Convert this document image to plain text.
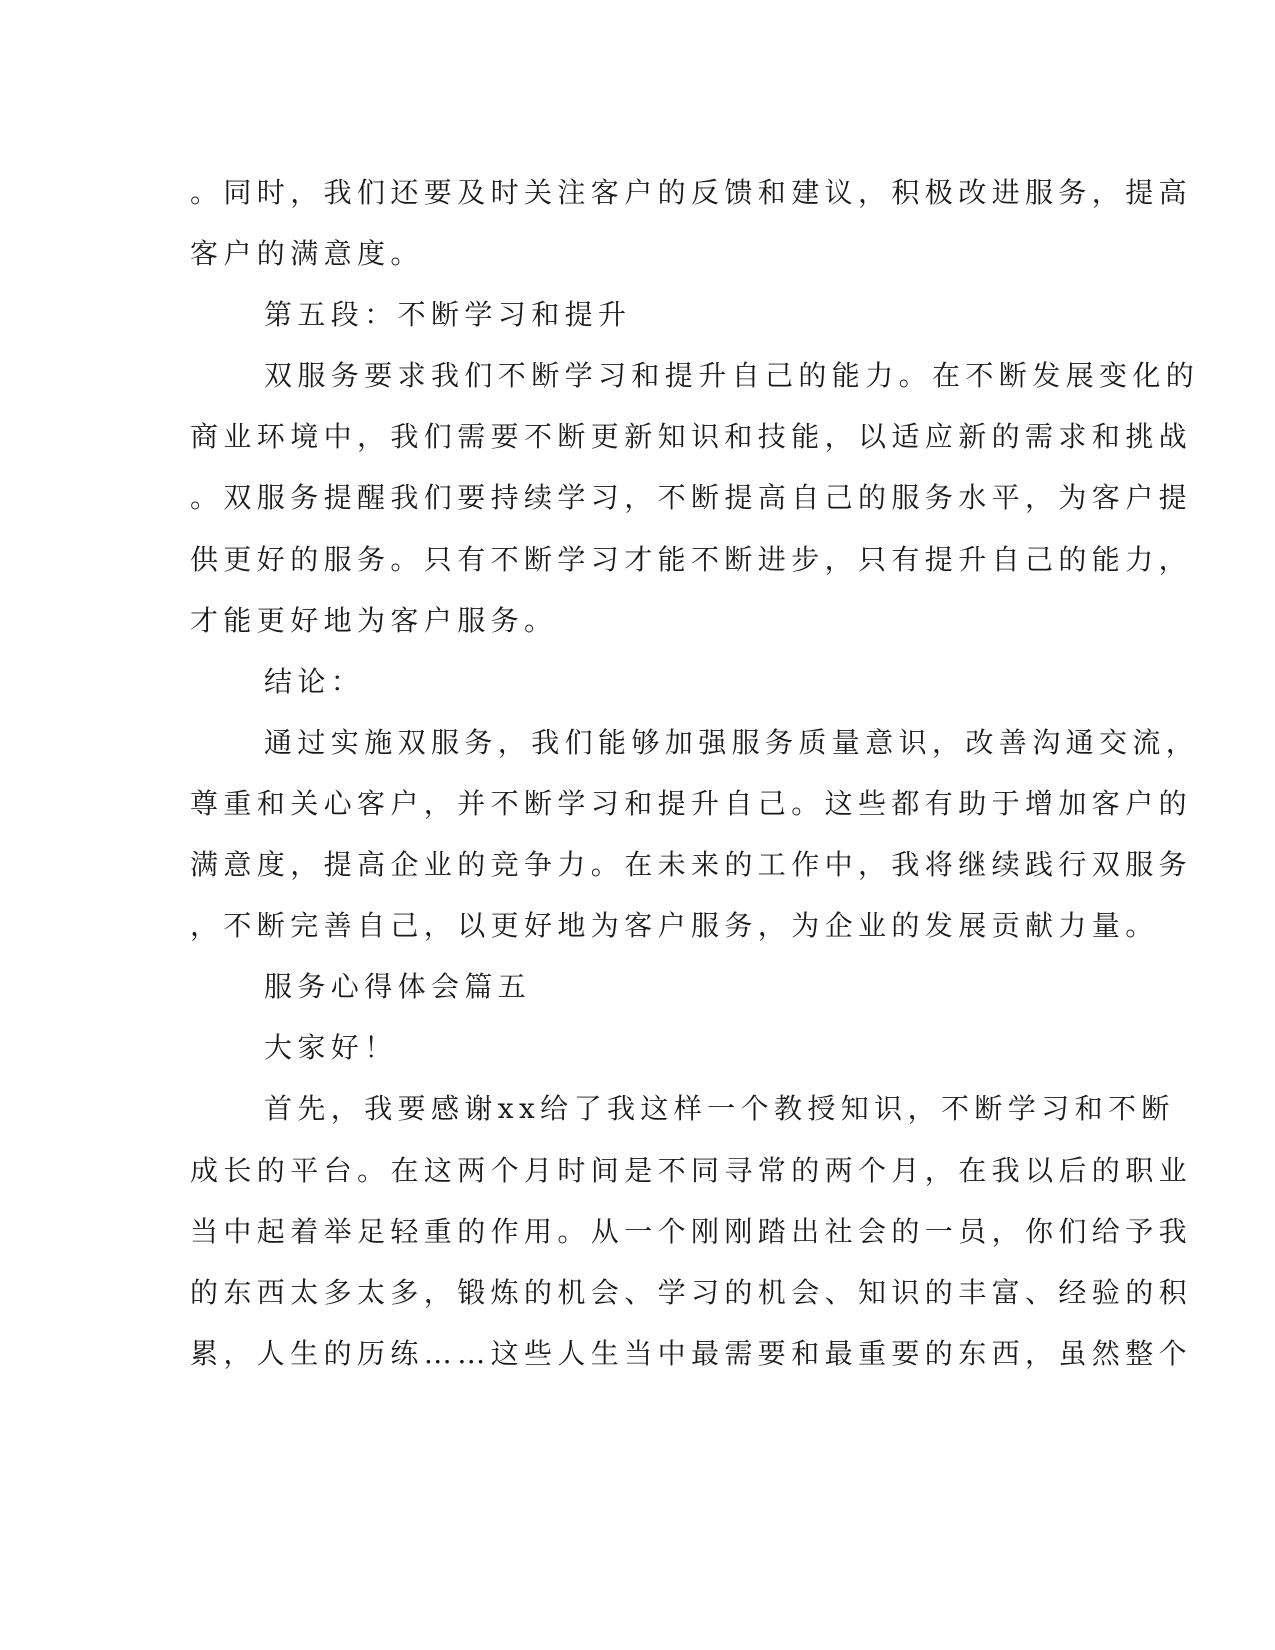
。同时，我们还要及时关注客户的反馈和建议，积极改进服务，提高
客户的满意度。
第五段：不断学习和提升
双服务要求我们不断学习和提升自己的能力。在不断发展变化的
商业环境中，我们需要不断更新知识和技能，以适应新的需求和挑战
。双服务提醒我们要持续学习，不断提高自己的服务水平，为客户提
供更好的服务。只有不断学习才能不断进步，只有提升自己的能力，
才能更好地为客户服务。
结论：
通过实施双服务，我们能够加强服务质量意识，改善沟通交流，
尊重和关心客户，并不断学习和提升自己。这些都有助于增加客户的
满意度，提高企业的竞争力。在未来的工作中，我将继续践行双服务
，不断完善自己，以更好地为客户服务，为企业的发展贡献力量。
服务心得体会篇五
大家好！
首先，我要感谢xx给了我这样一个教授知识，不断学习和不断
成长的平台。在这两个月时间是不同寻常的两个月，在我以后的职业
当中起着举足轻重的作用。从一个刚刚踏出社会的一员，你们给予我
的东西太多太多，锻炼的机会、学习的机会、知识的丰富、经验的积
累，人生的历练……这些人生当中最需要和最重要的东西，虽然整个
